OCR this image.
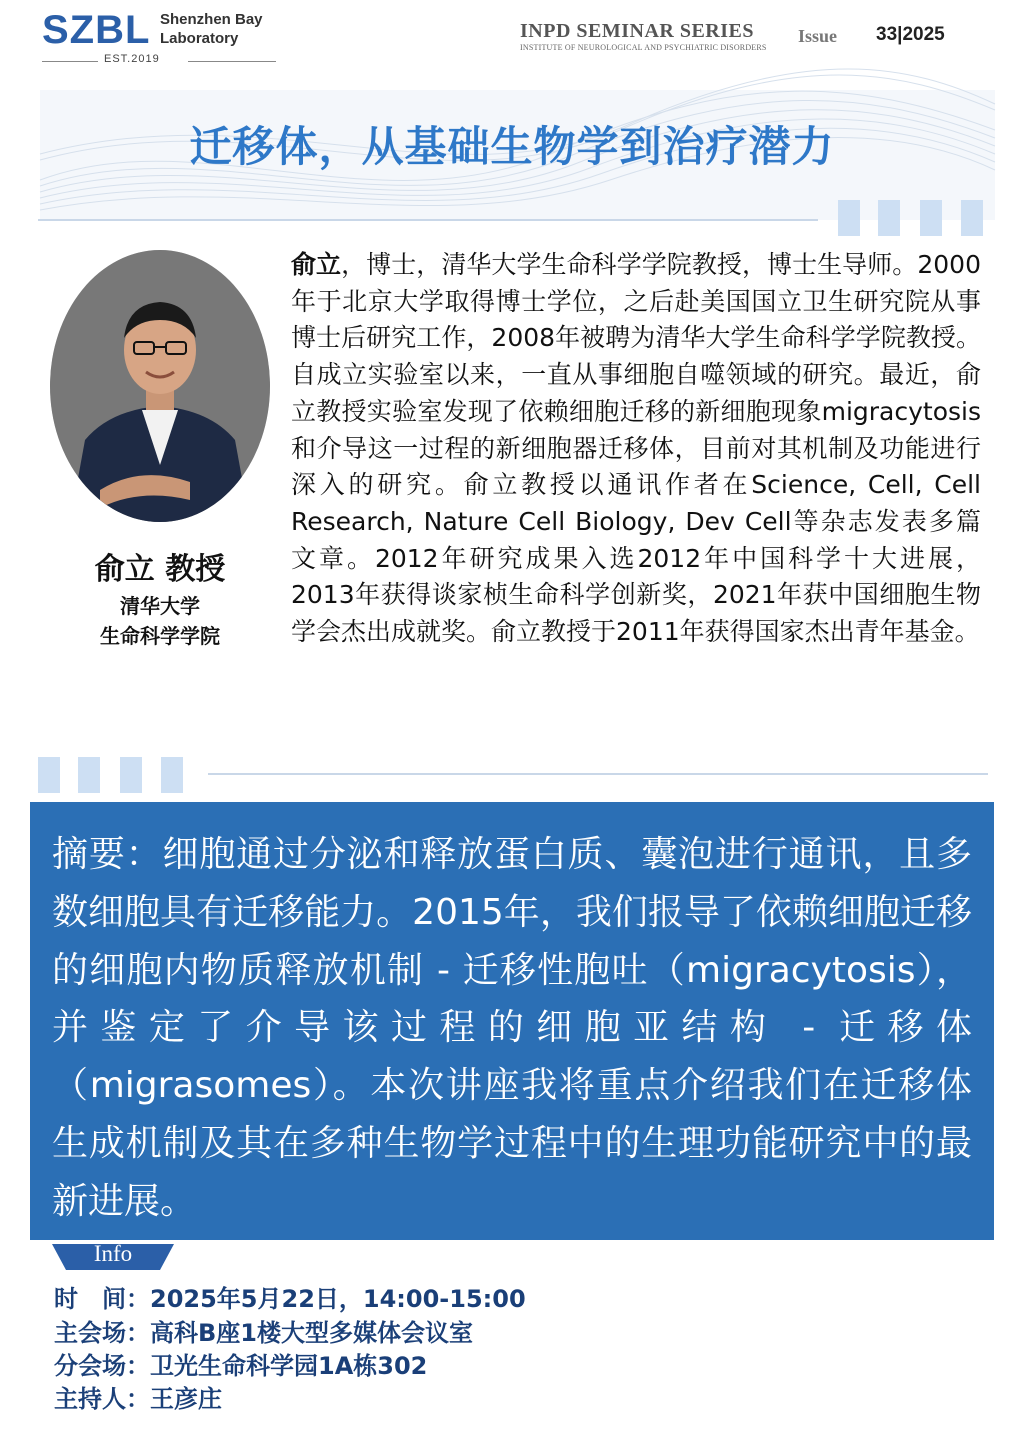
SZBL Shenzhen Bay
Laboratory
EST.2019
INPD SEMINAR SERIES
INSTITUTE OF NEUROLOGICAL AND PSYCHIATRIC DISORDERS
Issue 33|2025
迁移体，从基础生物学到治疗潜力
俞立 教授
清华大学
生命科学学院
俞立，博士，清华大学生命科学学院教授，博士生导师。2000年于北京大学取得博士学位，之后赴美国国立卫生研究院从事博士后研究工作，2008年被聘为清华大学生命科学学院教授。自成立实验室以来，一直从事细胞自噬领域的研究。最近，俞立教授实验室发现了依赖细胞迁移的新细胞现象migracytosis和介导这一过程的新细胞器迁移体，目前对其机制及功能进行深入的研究。俞立教授以通讯作者在Science, Cell, Cell Research, Nature Cell Biology, Dev Cell等杂志发表多篇文章。2012年研究成果入选2012年中国科学十大进展，2013年获得谈家桢生命科学创新奖，2021年获中国细胞生物学会杰出成就奖。俞立教授于2011年获得国家杰出青年基金。
摘要：细胞通过分泌和释放蛋白质、囊泡进行通讯，且多数细胞具有迁移能力。2015年，我们报导了依赖细胞迁移的细胞内物质释放机制 - 迁移性胞吐（migracytosis），并鉴定了介导该过程的细胞亚结构 - 迁移体（migrasomes）。本次讲座我将重点介绍我们在迁移体生成机制及其在多种生物学过程中的生理功能研究中的最新进展。
Info
时　间：2025年5月22日，14:00-15:00
主会场：高科B座1楼大型多媒体会议室
分会场：卫光生命科学园1A栋302
主持人：王彦庄
